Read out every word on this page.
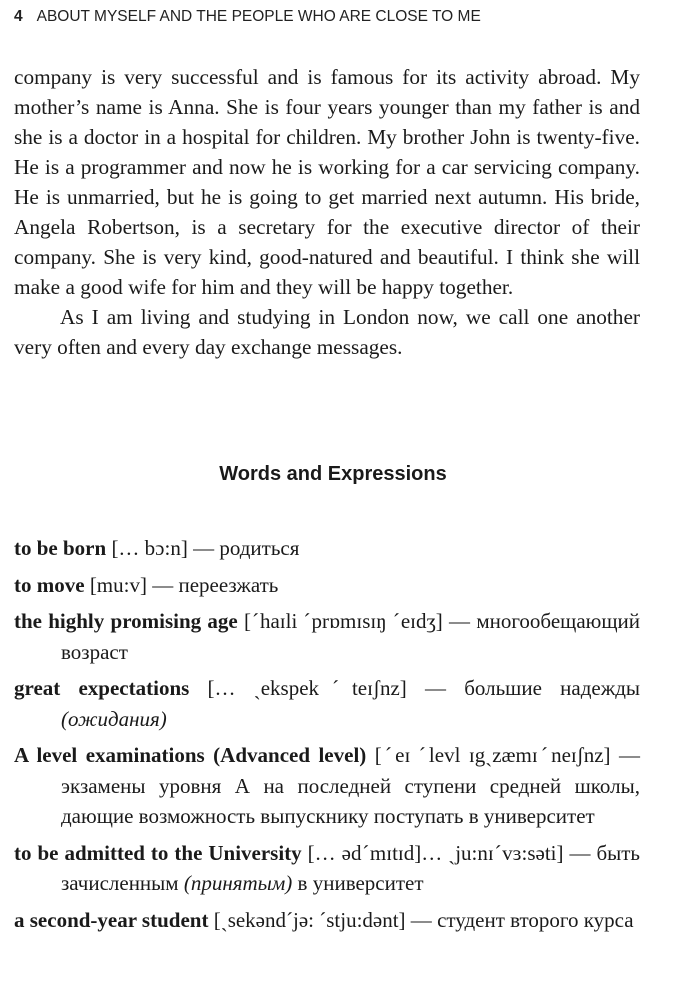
4 ABOUT MYSELF AND THE PEOPLE WHO ARE CLOSE TO ME

company is very successful and is famous for its activity abroad. My mother’s name is Anna. She is four years younger than my father is and she is a doctor in a hospital for children. My brother John is twenty-five. He is a programmer and now he is working for a car servicing company. He is unmarried, but he is going to get married next autumn. His bride, Angela Robertson, is a secretary for the executive director of their company. She is very kind, good-natured and beautiful. I think she will make a good wife for him and they will be happy together.

As I am living and studying in London now, we call one another very often and every day exchange messages.

Words and Expressions
to be born [… bɔ:n] — родиться
to move [mu:v] — переезжать
the highly promising age [ˊhaɪli ˊprɒmɪsɪŋ ˊeɪdʒ] — многообещающий возраст
great expectations [… ˏekspekˊteɪʃnz] — большие надежды (ожидания)
A level examinations (Advanced level) [ˊeɪ ˊlevl ɪgˏzæmɪˊneɪʃnz] — экзамены уровня А на последней ступени средней школы, дающие возможность выпускнику поступать в университет
to be admitted to the University [… ədˊmɪtɪd]… ˏju:nɪˊvɜ:səti] — быть зачисленным (принятым) в университет
a second-year student [ˏsekəndˊjə: ˊstju:dənt] — студент второго курса
